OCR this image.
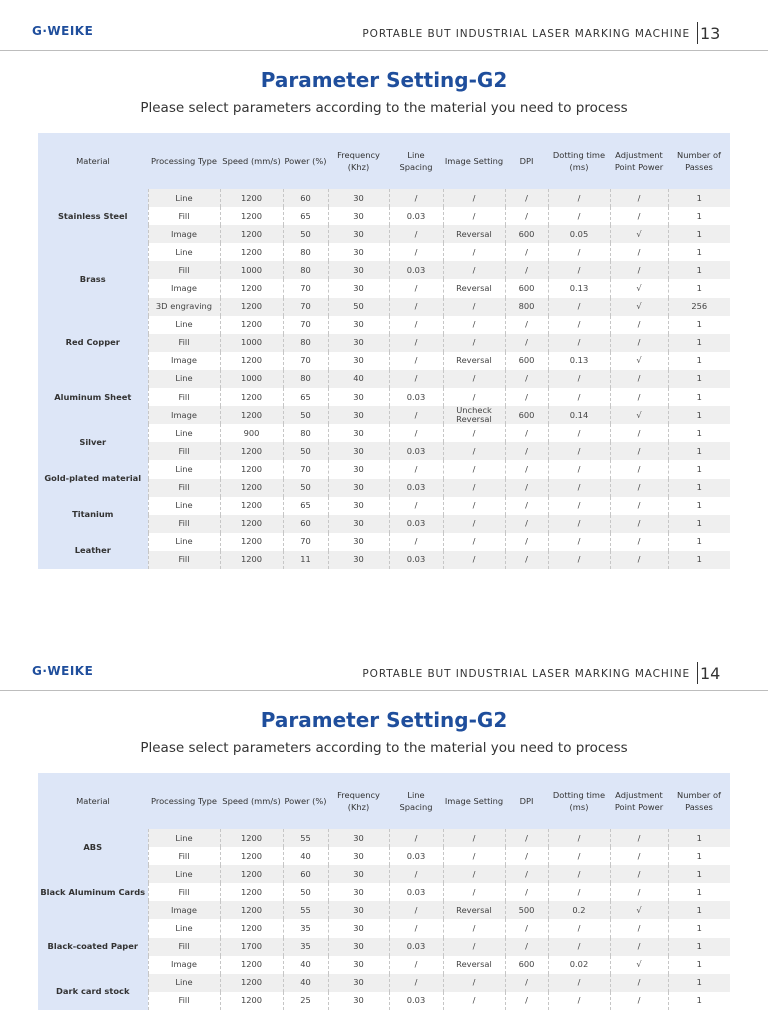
G·WEIKE	PORTABLE BUT INDUSTRIAL LASER MARKING MACHINE 13
Parameter Setting-G2
Please select parameters according to the material you need to process
Material	Processing Type	Speed (mm/s)	Power (%)	Frequency (Khz)	Line Spacing	Image Setting	DPI	Dotting time (ms)	Adjustment Point Power	Number of Passes
Stainless Steel	Line	1200	60	30	/	/	/	/	/	1
	Fill	1200	65	30	0.03	/	/	/	/	1
	Image	1200	50	30	/	Reversal	600	0.05	√	1
Brass	Line	1200	80	30	/	/	/	/	/	1
	Fill	1000	80	30	0.03	/	/	/	/	1
	Image	1200	70	30	/	Reversal	600	0.13	√	1
	3D engraving	1200	70	50	/	/	800	/	√	256
Red Copper	Line	1200	70	30	/	/	/	/	/	1
	Fill	1000	80	30	/	/	/	/	/	1
	Image	1200	70	30	/	Reversal	600	0.13	√	1
Aluminum Sheet	Line	1000	80	40	/	/	/	/	/	1
	Fill	1200	65	30	0.03	/	/	/	/	1
	Image	1200	50	30	/	Uncheck Reversal	600	0.14	√	1
Silver	Line	900	80	30	/	/	/	/	/	1
	Fill	1200	50	30	0.03	/	/	/	/	1
Gold-plated material	Line	1200	70	30	/	/	/	/	/	1
	Fill	1200	50	30	0.03	/	/	/	/	1
Titanium	Line	1200	65	30	/	/	/	/	/	1
	Fill	1200	60	30	0.03	/	/	/	/	1
Leather	Line	1200	70	30	/	/	/	/	/	1
	Fill	1200	11	30	0.03	/	/	/	/	1
G·WEIKE	PORTABLE BUT INDUSTRIAL LASER MARKING MACHINE 14
Parameter Setting-G2
Please select parameters according to the material you need to process
Material	Processing Type	Speed (mm/s)	Power (%)	Frequency (Khz)	Line Spacing	Image Setting	DPI	Dotting time (ms)	Adjustment Point Power	Number of Passes
ABS	Line	1200	55	30	/	/	/	/	/	1
	Fill	1200	40	30	0.03	/	/	/	/	1
Black Aluminum Cards	Line	1200	60	30	/	/	/	/	/	1
	Fill	1200	50	30	0.03	/	/	/	/	1
	Image	1200	55	30	/	Reversal	500	0.2	√	1
Black-coated Paper	Line	1200	35	30	/	/	/	/	/	1
	Fill	1700	35	30	0.03	/	/	/	/	1
	Image	1200	40	30	/	Reversal	600	0.02	√	1
Dark card stock	Line	1200	40	30	/	/	/	/	/	1
	Fill	1200	25	30	0.03	/	/	/	/	1
